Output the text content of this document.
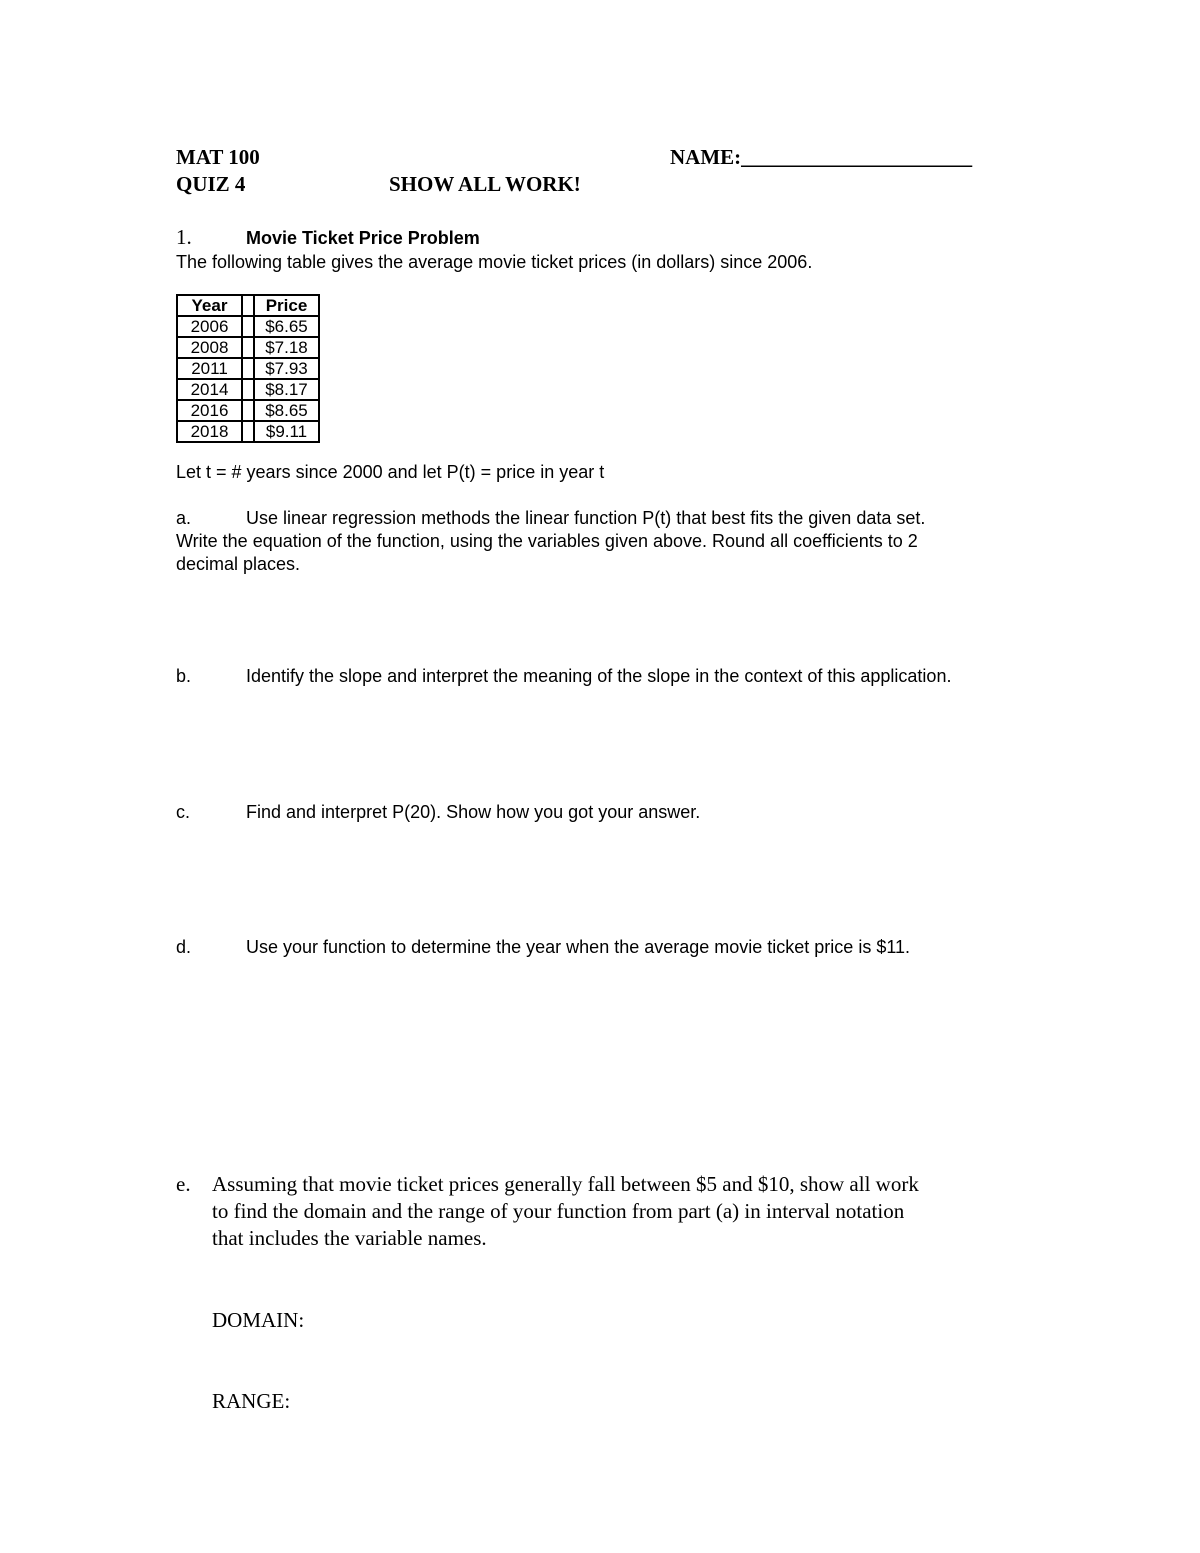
MAT 100	NAME:______________________
QUIZ 4	SHOW ALL WORK!
1.	Movie Ticket Price Problem
The following table gives the average movie ticket prices (in dollars) since 2006.
Year		Price
2006		$6.65
2008		$7.18
2011		$7.93
2014		$8.17
2016		$8.65
2018		$9.11
Let t = # years since 2000 and let P(t) = price in year t
a.	Use linear regression methods the linear function P(t) that best fits the given data set.
Write the equation of the function, using the variables given above. Round all coefficients to 2
decimal places.
b.	Identify the slope and interpret the meaning of the slope in the context of this application.
c.	Find and interpret P(20). Show how you got your answer.
d.	Use your function to determine the year when the average movie ticket price is $11.
e. Assuming that movie ticket prices generally fall between $5 and $10, show all work
to find the domain and the range of your function from part (a) in interval notation
that includes the variable names.
DOMAIN:
RANGE:
